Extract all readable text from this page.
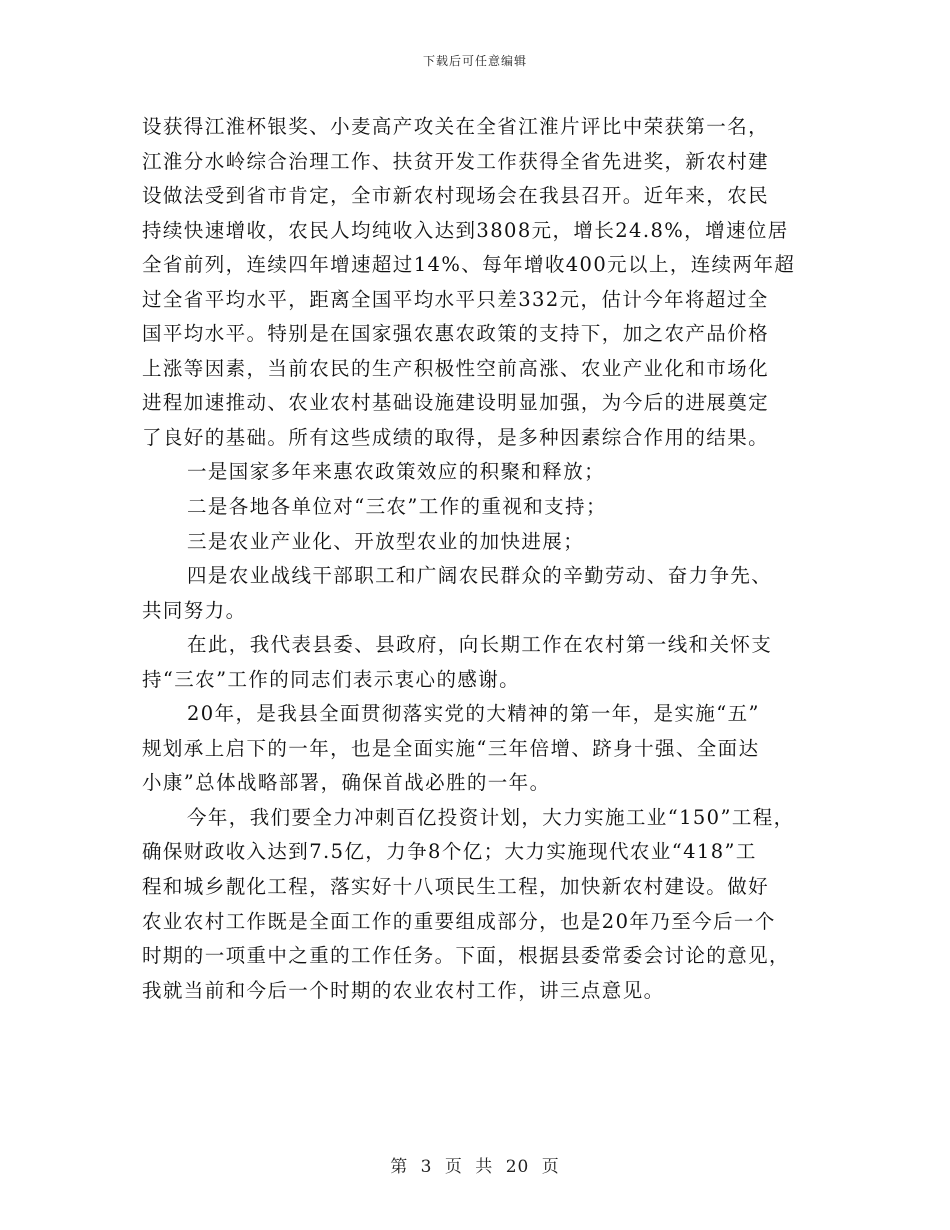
下载后可任意编辑
设获得江淮杯银奖、小麦高产攻关在全省江淮片评比中荣获第一名，
江淮分水岭综合治理工作、扶贫开发工作获得全省先进奖，新农村建
设做法受到省市肯定，全市新农村现场会在我县召开。近年来，农民
持续快速增收，农民人均纯收入达到3808元，增长24.8%，增速位居
全省前列，连续四年增速超过14%、每年增收400元以上，连续两年超
过全省平均水平，距离全国平均水平只差332元，估计今年将超过全
国平均水平。特别是在国家强农惠农政策的支持下，加之农产品价格
上涨等因素，当前农民的生产积极性空前高涨、农业产业化和市场化
进程加速推动、农业农村基础设施建设明显加强，为今后的进展奠定
了良好的基础。所有这些成绩的取得，是多种因素综合作用的结果。
一是国家多年来惠农政策效应的积聚和释放；
二是各地各单位对“三农”工作的重视和支持；
三是农业产业化、开放型农业的加快进展；
四是农业战线干部职工和广阔农民群众的辛勤劳动、奋力争先、
共同努力。
在此，我代表县委、县政府，向长期工作在农村第一线和关怀支
持“三农”工作的同志们表示衷心的感谢。
20年，是我县全面贯彻落实党的大精神的第一年，是实施“五”
规划承上启下的一年，也是全面实施“三年倍增、跻身十强、全面达
小康”总体战略部署，确保首战必胜的一年。
今年，我们要全力冲刺百亿投资计划，大力实施工业“150”工程，
确保财政收入达到7.5亿，力争8个亿；大力实施现代农业“418”工
程和城乡靓化工程，落实好十八项民生工程，加快新农村建设。做好
农业农村工作既是全面工作的重要组成部分，也是20年乃至今后一个
时期的一项重中之重的工作任务。下面，根据县委常委会讨论的意见，
我就当前和今后一个时期的农业农村工作，讲三点意见。
第 3 页 共 20 页
